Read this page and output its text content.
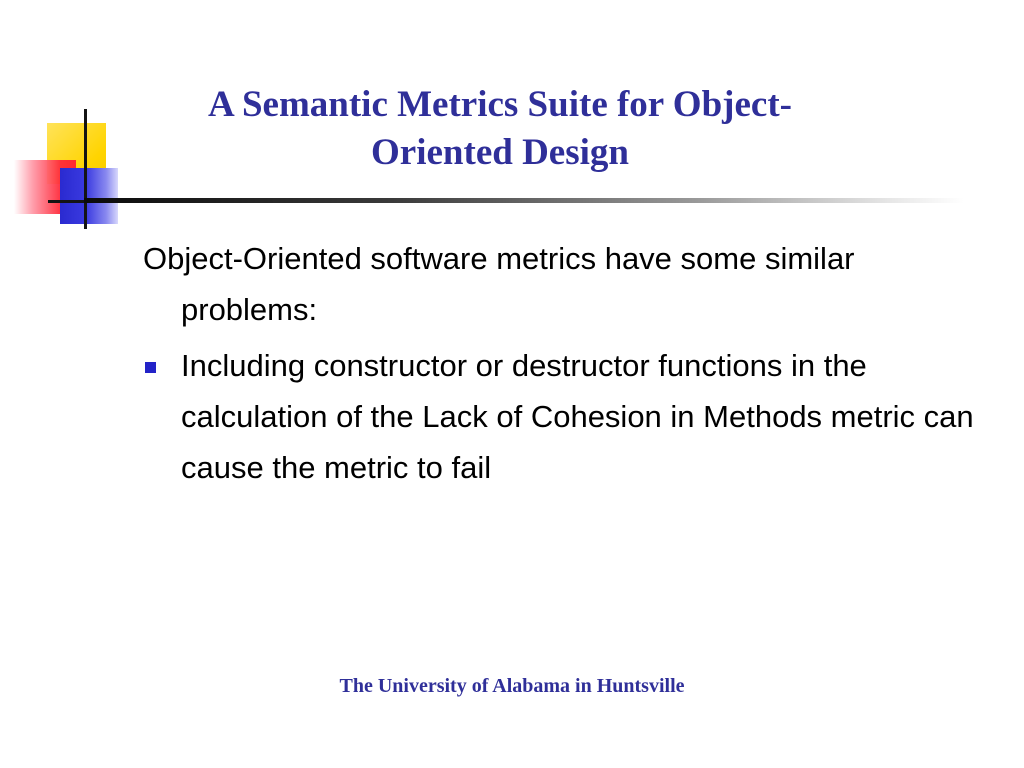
A Semantic Metrics Suite for Object-
Oriented Design

Object-Oriented software metrics have some similar problems:

Including constructor or destructor functions in the calculation of the Lack of Cohesion in Methods metric can cause the metric to fail
The University of Alabama in Huntsville
